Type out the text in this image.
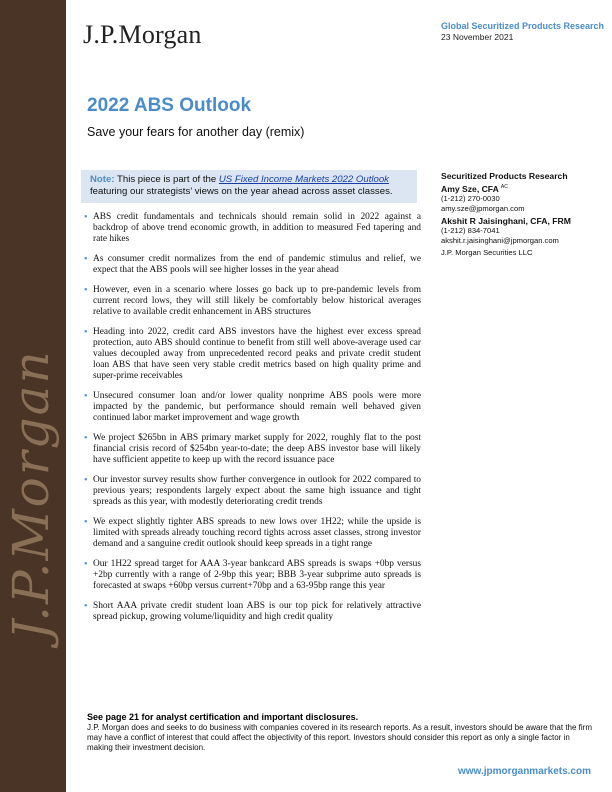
J.P.Morgan
J.P.Morgan	Global Securitized Products Research
23 November 2021
2022 ABS Outlook
Save your fears for another day (remix)
Note: This piece is part of the US Fixed Income Markets 2022 Outlook featuring our strategists’ views on the year ahead across asset classes.
• ABS credit fundamentals and technicals should remain solid in 2022 against a backdrop of above trend economic growth, in addition to measured Fed tapering and rate hikes
• As consumer credit normalizes from the end of pandemic stimulus and relief, we expect that the ABS pools will see higher losses in the year ahead
• However, even in a scenario where losses go back up to pre-pandemic levels from current record lows, they will still likely be comfortably below historical averages relative to available credit enhancement in ABS structures
• Heading into 2022, credit card ABS investors have the highest ever excess spread protection, auto ABS should continue to benefit from still well above-average used car values decoupled away from unprecedented record peaks and private credit student loan ABS that have seen very stable credit metrics based on high quality prime and super-prime receivables
• Unsecured consumer loan and/or lower quality nonprime ABS pools were more impacted by the pandemic, but performance should remain well behaved given continued labor market improvement and wage growth
• We project $265bn in ABS primary market supply for 2022, roughly flat to the post financial crisis record of $254bn year-to-date; the deep ABS investor base will likely have sufficient appetite to keep up with the record issuance pace
• Our investor survey results show further convergence in outlook for 2022 compared to previous years; respondents largely expect about the same high issuance and tight spreads as this year, with modestly deteriorating credit trends
• We expect slightly tighter ABS spreads to new lows over 1H22; while the upside is limited with spreads already touching record tights across asset classes, strong investor demand and a sanguine credit outlook should keep spreads in a tight range
• Our 1H22 spread target for AAA 3-year bankcard ABS spreads is swaps +0bp versus +2bp currently with a range of 2-9bp this year; BBB 3-year subprime auto spreads is forecasted at swaps +60bp versus current+70bp and a 63-95bp range this year
• Short AAA private credit student loan ABS is our top pick for relatively attractive spread pickup, growing volume/liquidity and high credit quality
Securitized Products Research
Amy Sze, CFA $^{AC}$
(1-212) 270-0030
amy.sze@jpmorgan.com
Akshit R Jaisinghani, CFA, FRM
(1-212) 834-7041
akshit.r.jaisinghani@jpmorgan.com
J.P. Morgan Securities LLC
See page 21 for analyst certification and important disclosures.
J.P. Morgan does and seeks to do business with companies covered in its research reports. As a result, investors should be aware that the firm may have a conflict of interest that could affect the objectivity of this report. Investors should consider this report as only a single factor in making their investment decision.
www.jpmorganmarkets.com
